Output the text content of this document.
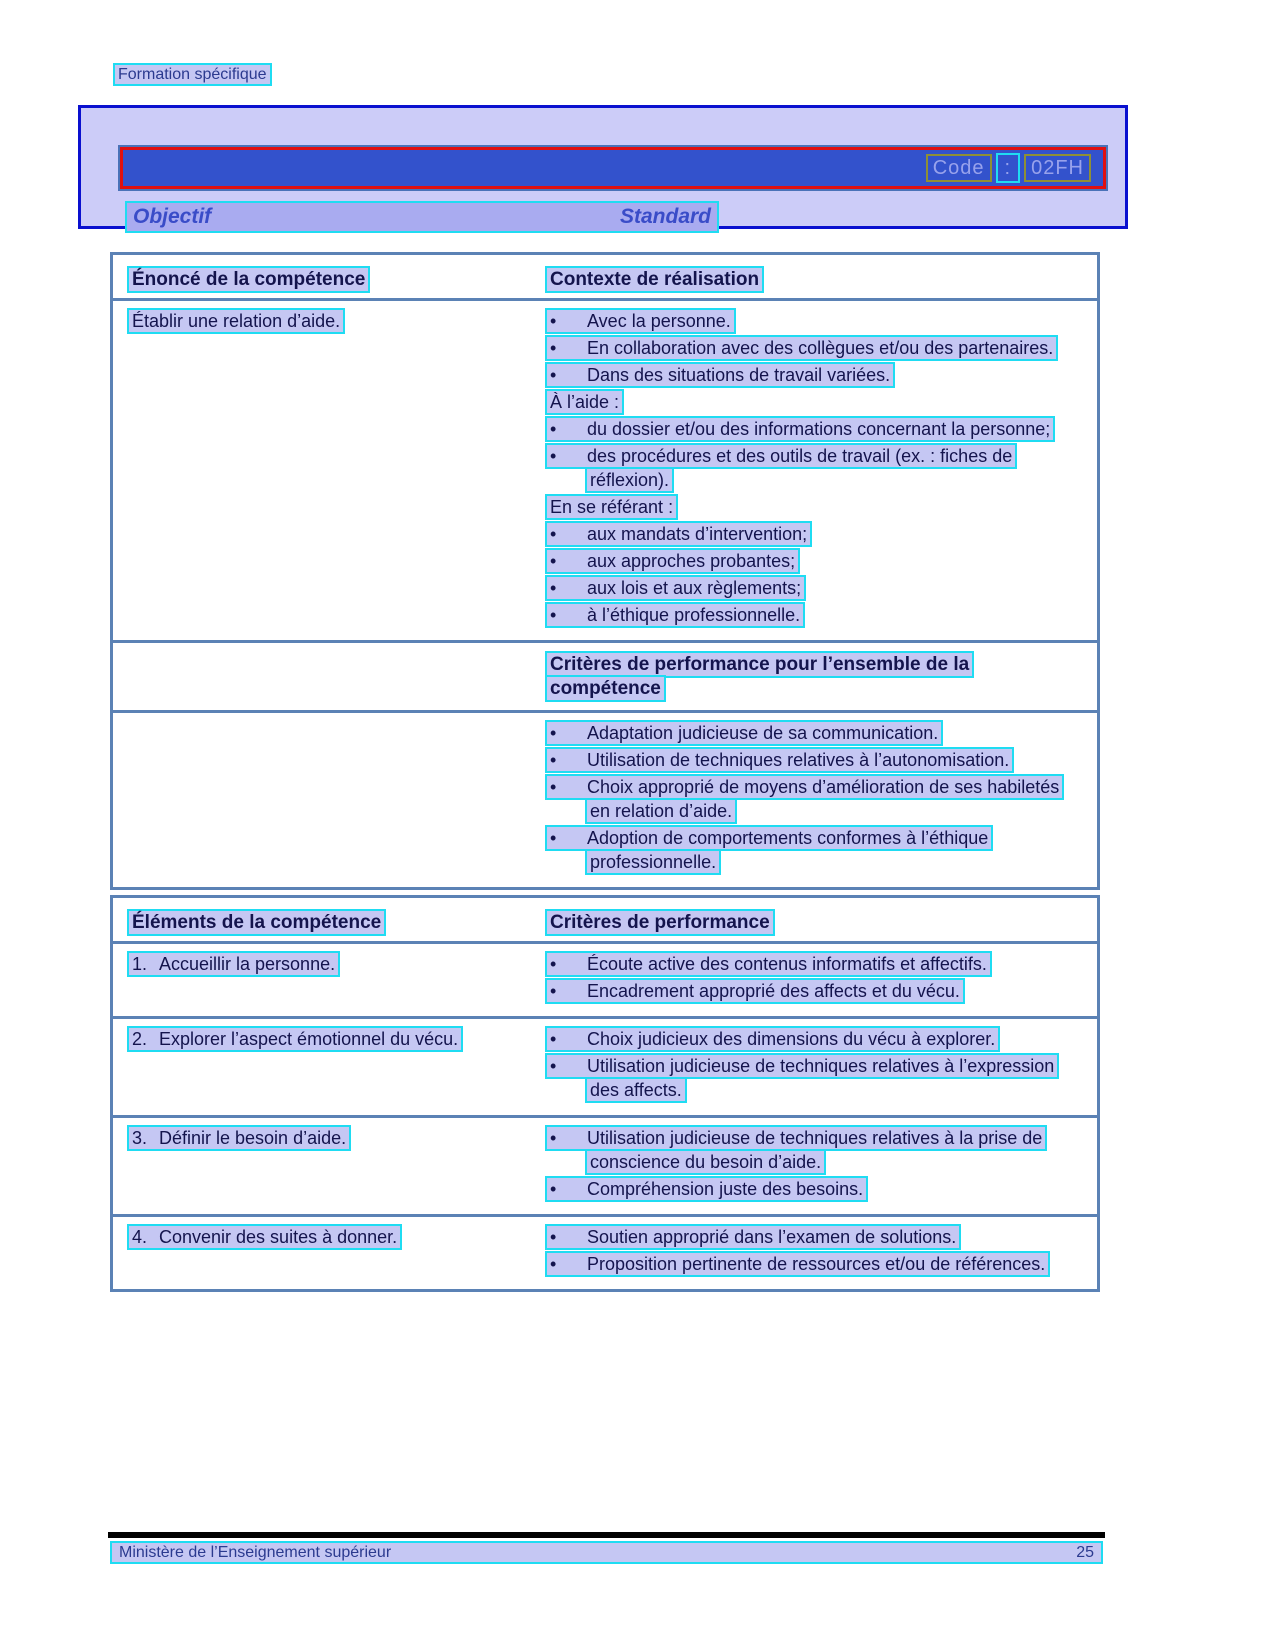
Formation spécifique
Code	:	02FH
Objectif	Standard
Énoncé de la compétence	Contexte de réalisation
Établir une relation d’aide.	• Avec la personne.
• En collaboration avec des collègues et/ou des partenaires.
• Dans des situations de travail variées.
À l’aide :
• du dossier et/ou des informations concernant la personne;
• des procédures et des outils de travail (ex. : fiches de réflexion).
En se référant :
• aux mandats d’intervention;
• aux approches probantes;
• aux lois et aux règlements;
• à l’éthique professionnelle.
Critères de performance pour l’ensemble de la compétence
• Adaptation judicieuse de sa communication.
• Utilisation de techniques relatives à l’autonomisation.
• Choix approprié de moyens d’amélioration de ses habiletés en relation d’aide.
• Adoption de comportements conformes à l’éthique professionnelle.
Éléments de la compétence	Critères de performance
1. Accueillir la personne.	• Écoute active des contenus informatifs et affectifs.
• Encadrement approprié des affects et du vécu.
2. Explorer l’aspect émotionnel du vécu.	• Choix judicieux des dimensions du vécu à explorer.
• Utilisation judicieuse de techniques relatives à l’expression des affects.
3. Définir le besoin d’aide.	• Utilisation judicieuse de techniques relatives à la prise de conscience du besoin d’aide.
• Compréhension juste des besoins.
4. Convenir des suites à donner.	• Soutien approprié dans l’examen de solutions.
• Proposition pertinente de ressources et/ou de références.
Ministère de l’Enseignement supérieur	25
